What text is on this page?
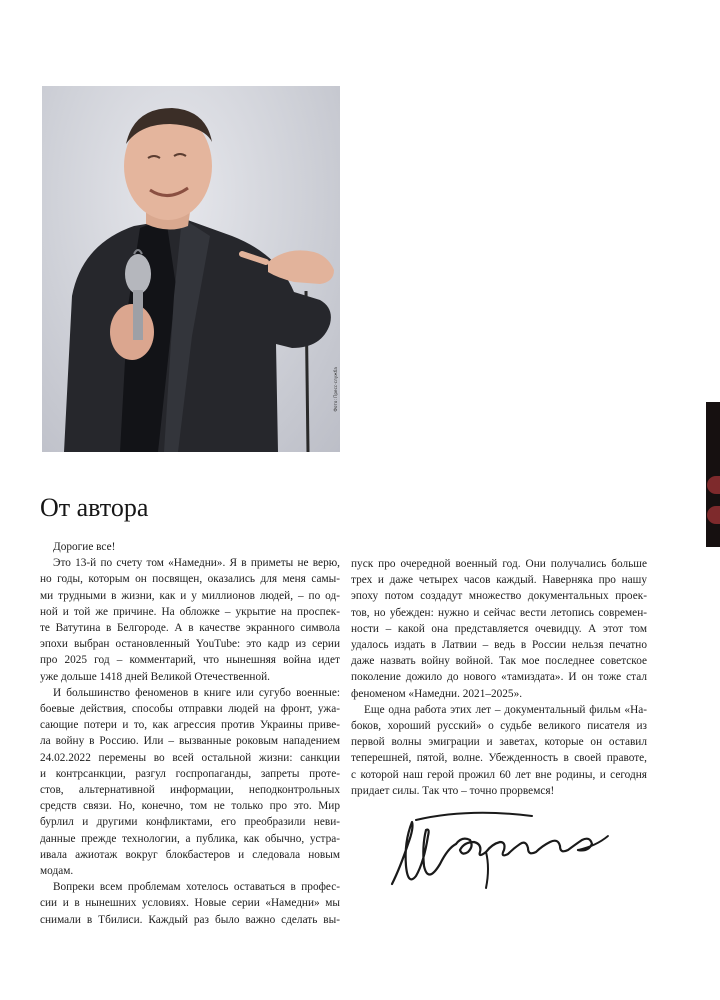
Фото: Пресс-служба
От автора
Дорогие все!
Это 13-й по счету том «Намедни». Я в приметы не верю,
но годы, которым он посвящен, оказались для меня самы-
ми трудными в жизни, как и у миллионов людей, – по од-
ной и той же причине. На обложке – укрытие на проспек-
те Ватутина в Белгороде. А в качестве экранного символа
эпохи выбран остановленный YouTube: это кадр из серии
про 2025 год – комментарий, что нынешняя война идет
уже дольше 1418 дней Великой Отечественной.
И большинство феноменов в книге или сугубо военные:
боевые действия, способы отправки людей на фронт, ужа-
сающие потери и то, как агрессия против Украины приве-
ла войну в Россию. Или – вызванные роковым нападением
24.02.2022 перемены во всей остальной жизни: санкции
и контрсанкции, разгул госпропаганды, запреты проте-
стов, альтернативной информации, неподконтрольных
средств связи. Но, конечно, том не только про это. Мир
бурлил и другими конфликтами, его преобразили неви-
данные прежде технологии, а публика, как обычно, устра-
ивала ажиотаж вокруг блокбастеров и следовала новым
модам.
Вопреки всем проблемам хотелось оставаться в профес-
сии и в нынешних условиях. Новые серии «Намедни» мы
снимали в Тбилиси. Каждый раз было важно сделать вы-
пуск про очередной военный год. Они получались больше
трех и даже четырех часов каждый. Наверняка про нашу
эпоху потом создадут множество документальных проек-
тов, но убежден: нужно и сейчас вести летопись современ-
ности – какой она представляется очевидцу. А этот том
удалось издать в Латвии – ведь в России нельзя печатно
даже назвать войну войной. Так мое последнее советское
поколение дожило до нового «тамиздата». И он тоже стал
феноменом «Намедни. 2021–2025».
Еще одна работа этих лет – документальный фильм «На-
боков, хороший русский» о судьбе великого писателя из
первой волны эмиграции и заветах, которые он оставил
теперешней, пятой, волне. Убежденность в своей правоте,
с которой наш герой прожил 60 лет вне родины, и сегодня
придает силы. Так что – точно прорвемся!
